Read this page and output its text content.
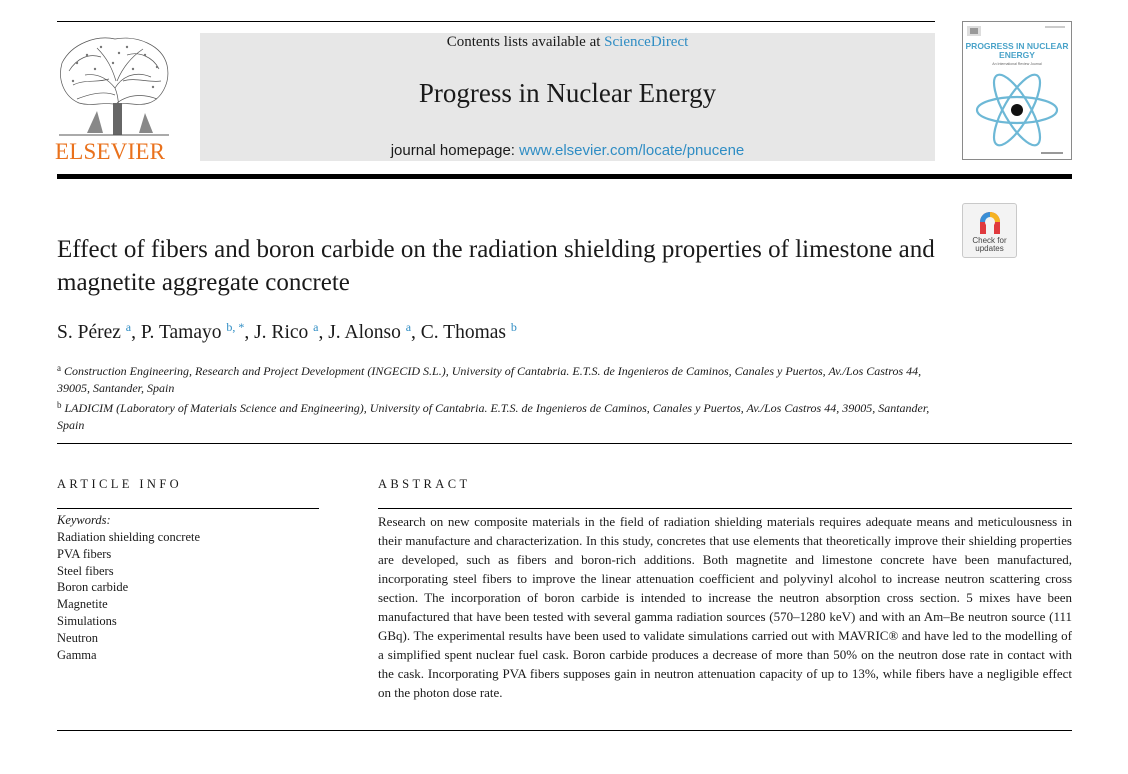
ELSEVIER
Contents lists available at ScienceDirect
Progress in Nuclear Energy
journal homepage: www.elsevier.com/locate/pnucene
PROGRESS IN NUCLEAR ENERGY
An International Review Journal
Check for
updates
Effect of fibers and boron carbide on the radiation shielding properties of limestone and magnetite aggregate concrete
S. Pérez $^a$, P. Tamayo $^{b, *}$, J. Rico $^a$, J. Alonso $^a$, C. Thomas $^b$
$^a$ Construction Engineering, Research and Project Development (INGECID S.L.), University of Cantabria. E.T.S. de Ingenieros de Caminos, Canales y Puertos, Av./Los Castros 44, 39005, Santander, Spain
$^b$ LADICIM (Laboratory of Materials Science and Engineering), University of Cantabria. E.T.S. de Ingenieros de Caminos, Canales y Puertos, Av./Los Castros 44, 39005, Santander, Spain
ARTICLE INFO
Keywords:
Radiation shielding concrete
PVA fibers
Steel fibers
Boron carbide
Magnetite
Simulations
Neutron
Gamma
ABSTRACT
Research on new composite materials in the field of radiation shielding materials requires adequate means and meticulousness in their manufacture and characterization. In this study, concretes that use elements that theoretically improve their shielding properties are developed, such as fibers and boron-rich additions. Both magnetite and limestone concrete have been manufactured, incorporating steel fibers to improve the linear attenuation coefficient and polyvinyl alcohol to increase neutron scattering cross section. The incorporation of boron carbide is intended to increase the neutron absorption cross section. 5 mixes have been manufactured that have been tested with several gamma radiation sources (570–1280 keV) and with an Am–Be neutron source (111 GBq). The experimental results have been used to validate simulations carried out with MAVRIC® and have led to the modelling of a simplified spent nuclear fuel cask. Boron carbide produces a decrease of more than 50% on the neutron dose rate in contact with the cask. Incorporating PVA fibers supposes gain in neutron attenuation capacity of up to 13%, while fibers have a negligible effect on the photon dose rate.
